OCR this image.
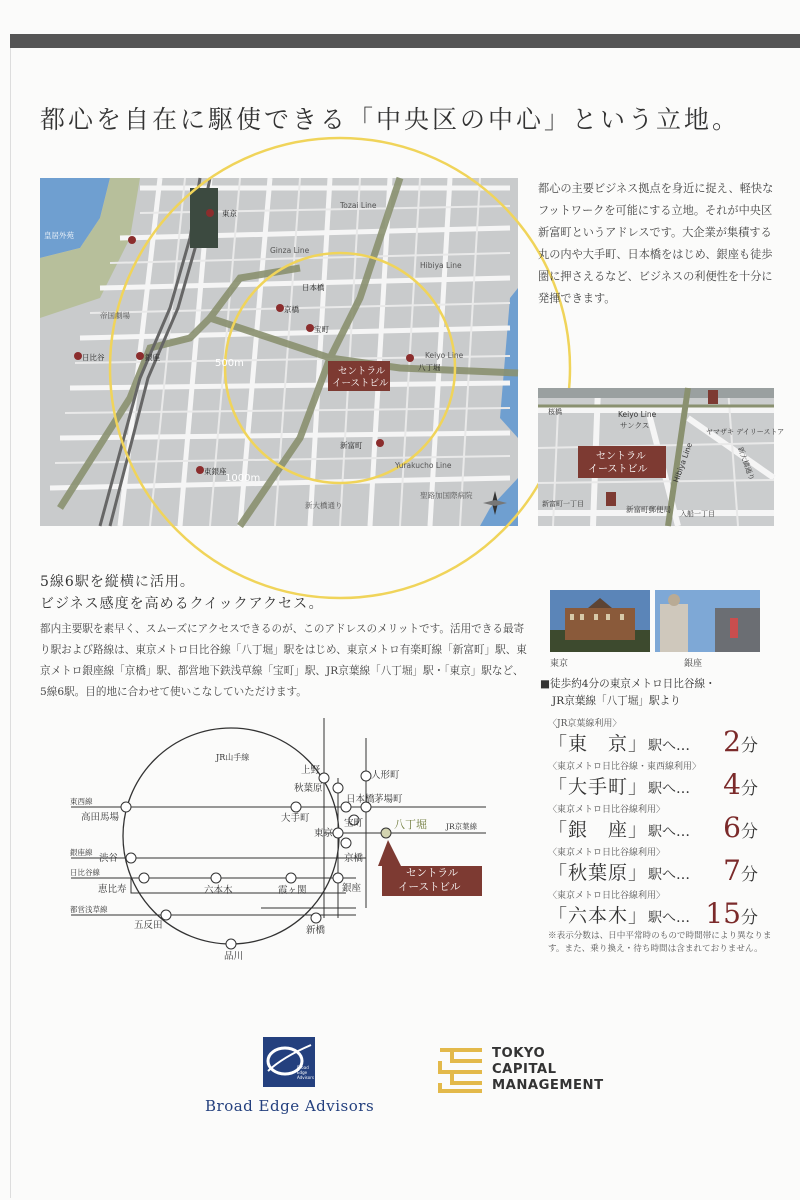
都心を自在に駆使できる「中央区の中心」という立地。
500m
1000m
セントラル
イーストビル
Keiyo Line
Yurakucho Line
Hibiya Line
Ginza Line
Tozai Line
八丁堀
東京
日比谷	銀座
京橋
宝町
東銀座
新富町
聖路加国際病院
皇居外苑
帝国劇場
日本橋
新大橋通り
都心の主要ビジネス拠点を身近に捉え、軽快なフットワークを可能にする立地。それが中央区新富町というアドレスです。大企業が集積する丸の内や大手町、日本橋をはじめ、銀座も徒歩圏に押さえるなど、ビジネスの利便性を十分に発揮できます。
セントラル
イーストビル
Keiyo Line
サンクス
ヤマザキ デイリーストア
新富町郵便局
Hibiya Line
新富町一丁目
入船一丁目
新大橋通り
桜橋
5線6駅を縦横に活用。
ビジネス感度を高めるクイックアクセス。
都内主要駅を素早く、スムーズにアクセスできるのが、このアドレスのメリットです。活用できる最寄り駅および路線は、東京メトロ日比谷線「八丁堀」駅をはじめ、東京メトロ有楽町線「新富町」駅、東京メトロ銀座線「京橋」駅、都営地下鉄浅草線「宝町」駅、JR京葉線「八丁堀」駅・「東京」駅など、5線6駅。目的地に合わせて使いこなしていただけます。
東京	銀座
■徒歩約4分の東京メトロ日比谷線・
JR京葉線「八丁堀」駅より
〈JR京葉線利用〉
「東　京」駅へ… 2分
〈東京メトロ日比谷線・東西線利用〉
「大手町」駅へ… 4分
〈東京メトロ日比谷線利用〉
「銀　座」駅へ… 6分
〈東京メトロ日比谷線利用〉
「秋葉原」駅へ… 7分
〈東京メトロ日比谷線利用〉
「六本木」駅へ… 15分
※表示分数は、日中平常時のもので時間帯により異なります。また、乗り換え・待ち時間は含まれておりません。
JR山手線
東西線
銀座線
日比谷線
都営浅草線
JR京葉線
上野	人形町
秋葉原
日本橋 茅場町
高田馬場	大手町
東京
宝町	八丁堀
渋谷	京橋
恵比寿	六本木	霞ヶ関	銀座
五反田	新橋
品川
セントラル
イーストビル
Broad Edge Advisors
Broad Edge Advisors
TOKYO
CAPITAL
MANAGEMENT
